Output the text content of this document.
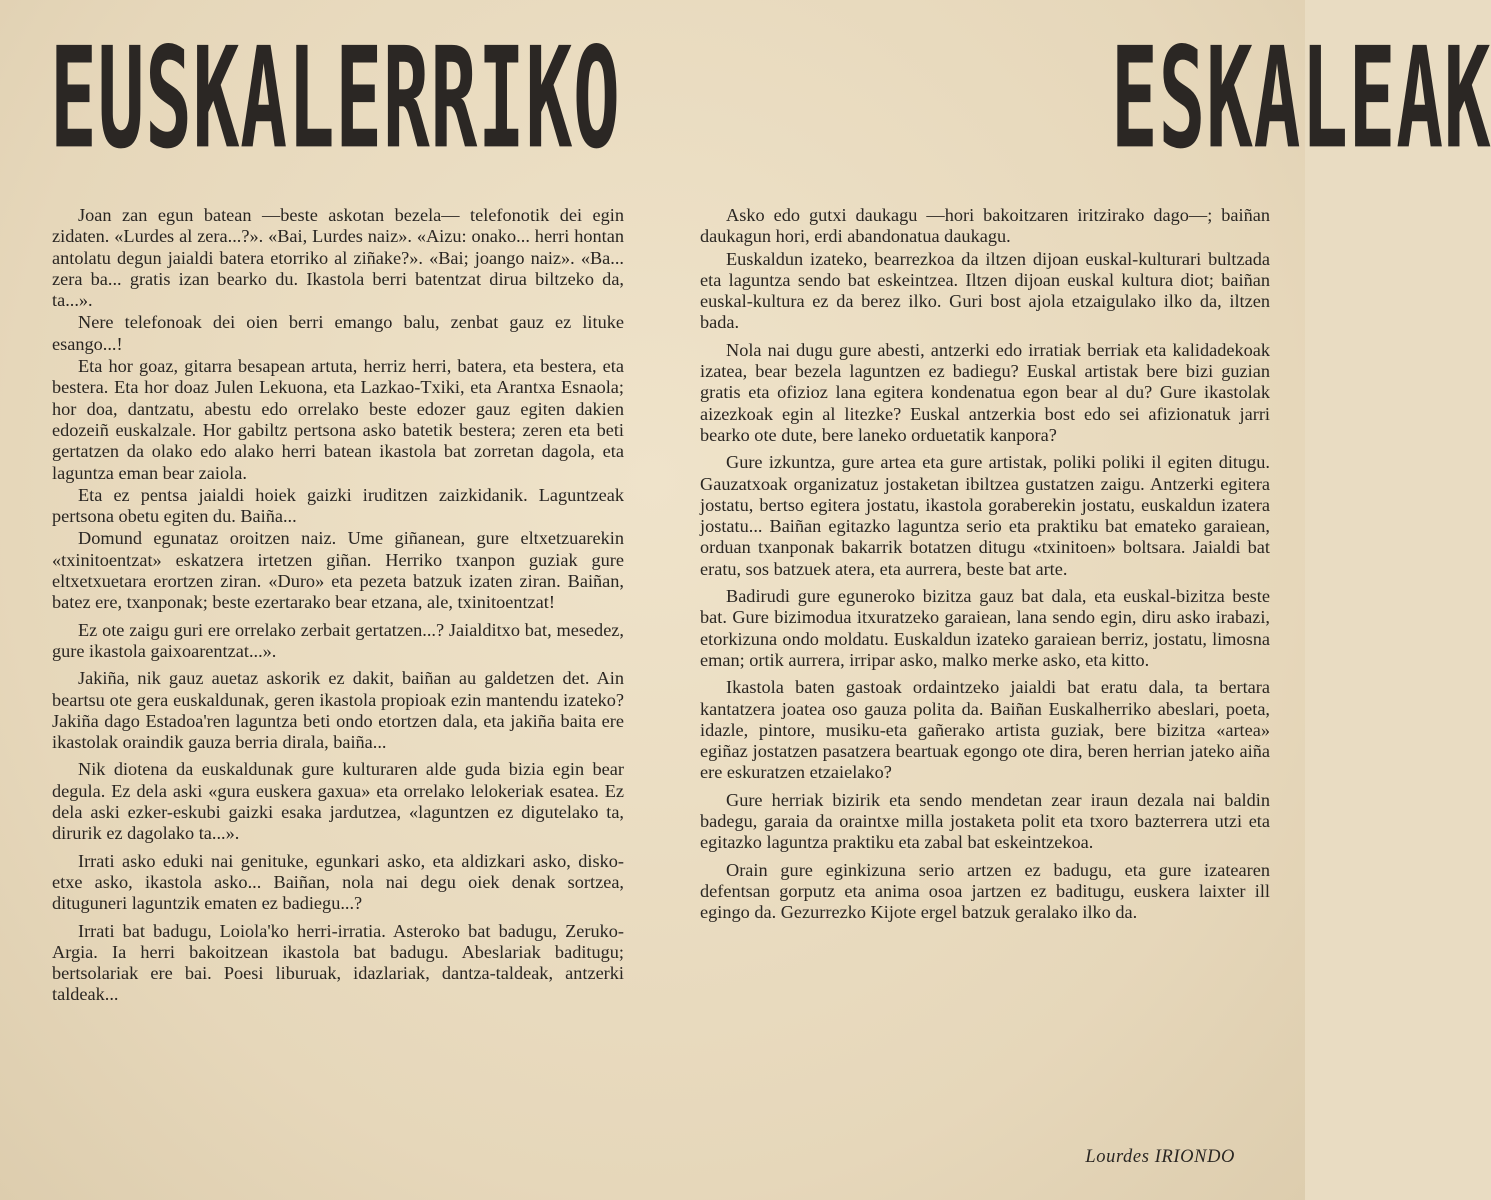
EUSKALERRIKO	ESKALEAK

Joan zan egun batean —beste askotan bezela— telefonotik dei egin zidaten. «Lurdes al zera...?». «Bai, Lurdes naiz». «Aizu: onako... herri hontan antolatu degun jaialdi batera etorriko al ziñake?». «Bai; joango naiz». «Ba... zera ba... gratis izan bearko du. Ikastola berri batentzat dirua biltzeko da, ta...».

Nere telefonoak dei oien berri emango balu, zenbat gauz ez lituke esango...!

Eta hor goaz, gitarra besapean artuta, herriz herri, batera, eta bestera, eta bestera. Eta hor doaz Julen Lekuona, eta Lazkao-Txiki, eta Arantxa Esnaola; hor doa, dantzatu, abestu edo orrelako beste edozer gauz egiten dakien edozeiñ euskalzale. Hor gabiltz pertsona asko batetik bestera; zeren eta beti gertatzen da olako edo alako herri batean ikastola bat zorretan dagola, eta laguntza eman bear zaiola.

Eta ez pentsa jaialdi hoiek gaizki iruditzen zaizkidanik. Laguntzeak pertsona obetu egiten du. Baiña...

Domund egunataz oroitzen naiz. Ume giñanean, gure eltxetzuarekin «txinitoentzat» eskatzera irtetzen giñan. Herriko txanpon guziak gure eltxetxuetara erortzen ziran. «Duro» eta pezeta batzuk izaten ziran. Baiñan, batez ere, txanponak; beste ezertarako bear etzana, ale, txinitoentzat!

Ez ote zaigu guri ere orrelako zerbait gertatzen...? Jaialditxo bat, mesedez, gure ikastola gaixoarentzat...».

Jakiña, nik gauz auetaz askorik ez dakit, baiñan au galdetzen det. Ain beartsu ote gera euskaldunak, geren ikastola propioak ezin mantendu izateko? Jakiña dago Estadoa'ren laguntza beti ondo etortzen dala, eta jakiña baita ere ikastolak oraindik gauza berria dirala, baiña...

Nik diotena da euskaldunak gure kulturaren alde guda bizia egin bear degula. Ez dela aski «gura euskera gaxua» eta orrelako lelokeriak esatea. Ez dela aski ezker-eskubi gaizki esaka jardutzea, «laguntzen ez digutelako ta, dirurik ez dagolako ta...».

Irrati asko eduki nai genituke, egunkari asko, eta aldizkari asko, disko-etxe asko, ikastola asko... Baiñan, nola nai degu oiek denak sortzea, dituguneri laguntzik ematen ez badiegu...?

Irrati bat badugu, Loiola'ko herri-irratia. Asteroko bat badugu, Zeruko-Argia. Ia herri bakoitzean ikastola bat badugu. Abeslariak baditugu; bertsolariak ere bai. Poesi liburuak, idazlariak, dantza-taldeak, antzerki taldeak...

Asko edo gutxi daukagu —hori bakoitzaren iritzirako dago—; baiñan daukagun hori, erdi abandonatua daukagu.

Euskaldun izateko, bearrezkoa da iltzen dijoan euskal-kulturari bultzada eta laguntza sendo bat eskeintzea. Iltzen dijoan euskal kultura diot; baiñan euskal-kultura ez da berez ilko. Guri bost ajola etzaigulako ilko da, iltzen bada.

Nola nai dugu gure abesti, antzerki edo irratiak berriak eta kalidadekoak izatea, bear bezela laguntzen ez badiegu? Euskal artistak bere bizi guzian gratis eta ofizioz lana egitera kondenatua egon bear al du? Gure ikastolak aizezkoak egin al litezke? Euskal antzerkia bost edo sei afizionatuk jarri bearko ote dute, bere laneko orduetatik kanpora?

Gure izkuntza, gure artea eta gure artistak, poliki poliki il egiten ditugu. Gauzatxoak organizatuz jostaketan ibiltzea gustatzen zaigu. Antzerki egitera jostatu, bertso egitera jostatu, ikastola goraberekin jostatu, euskaldun izatera jostatu... Baiñan egitazko laguntza serio eta praktiku bat emateko garaiean, orduan txanponak bakarrik botatzen ditugu «txinitoen» boltsara. Jaialdi bat eratu, sos batzuek atera, eta aurrera, beste bat arte.

Badirudi gure eguneroko bizitza gauz bat dala, eta euskal-bizitza beste bat. Gure bizimodua itxuratzeko garaiean, lana sendo egin, diru asko irabazi, etorkizuna ondo moldatu. Euskaldun izateko garaiean berriz, jostatu, limosna eman; ortik aurrera, irripar asko, malko merke asko, eta kitto.

Ikastola baten gastoak ordaintzeko jaialdi bat eratu dala, ta bertara kantatzera joatea oso gauza polita da. Baiñan Euskalherriko abeslari, poeta, idazle, pintore, musiku-eta gañerako artista guziak, bere bizitza «artea» egiñaz jostatzen pasatzera beartuak egongo ote dira, beren herrian jateko aiña ere eskuratzen etzaielako?

Gure herriak bizirik eta sendo mendetan zear iraun dezala nai baldin badegu, garaia da oraintxe milla jostaketa polit eta txoro bazterrera utzi eta egitazko laguntza praktiku eta zabal bat eskeintzekoa.

Orain gure eginkizuna serio artzen ez badugu, eta gure izatearen defentsan gorputz eta anima osoa jartzen ez baditugu, euskera laixter ill egingo da. Gezurrezko Kijote ergel batzuk geralako ilko da.

Lourdes IRIONDO
